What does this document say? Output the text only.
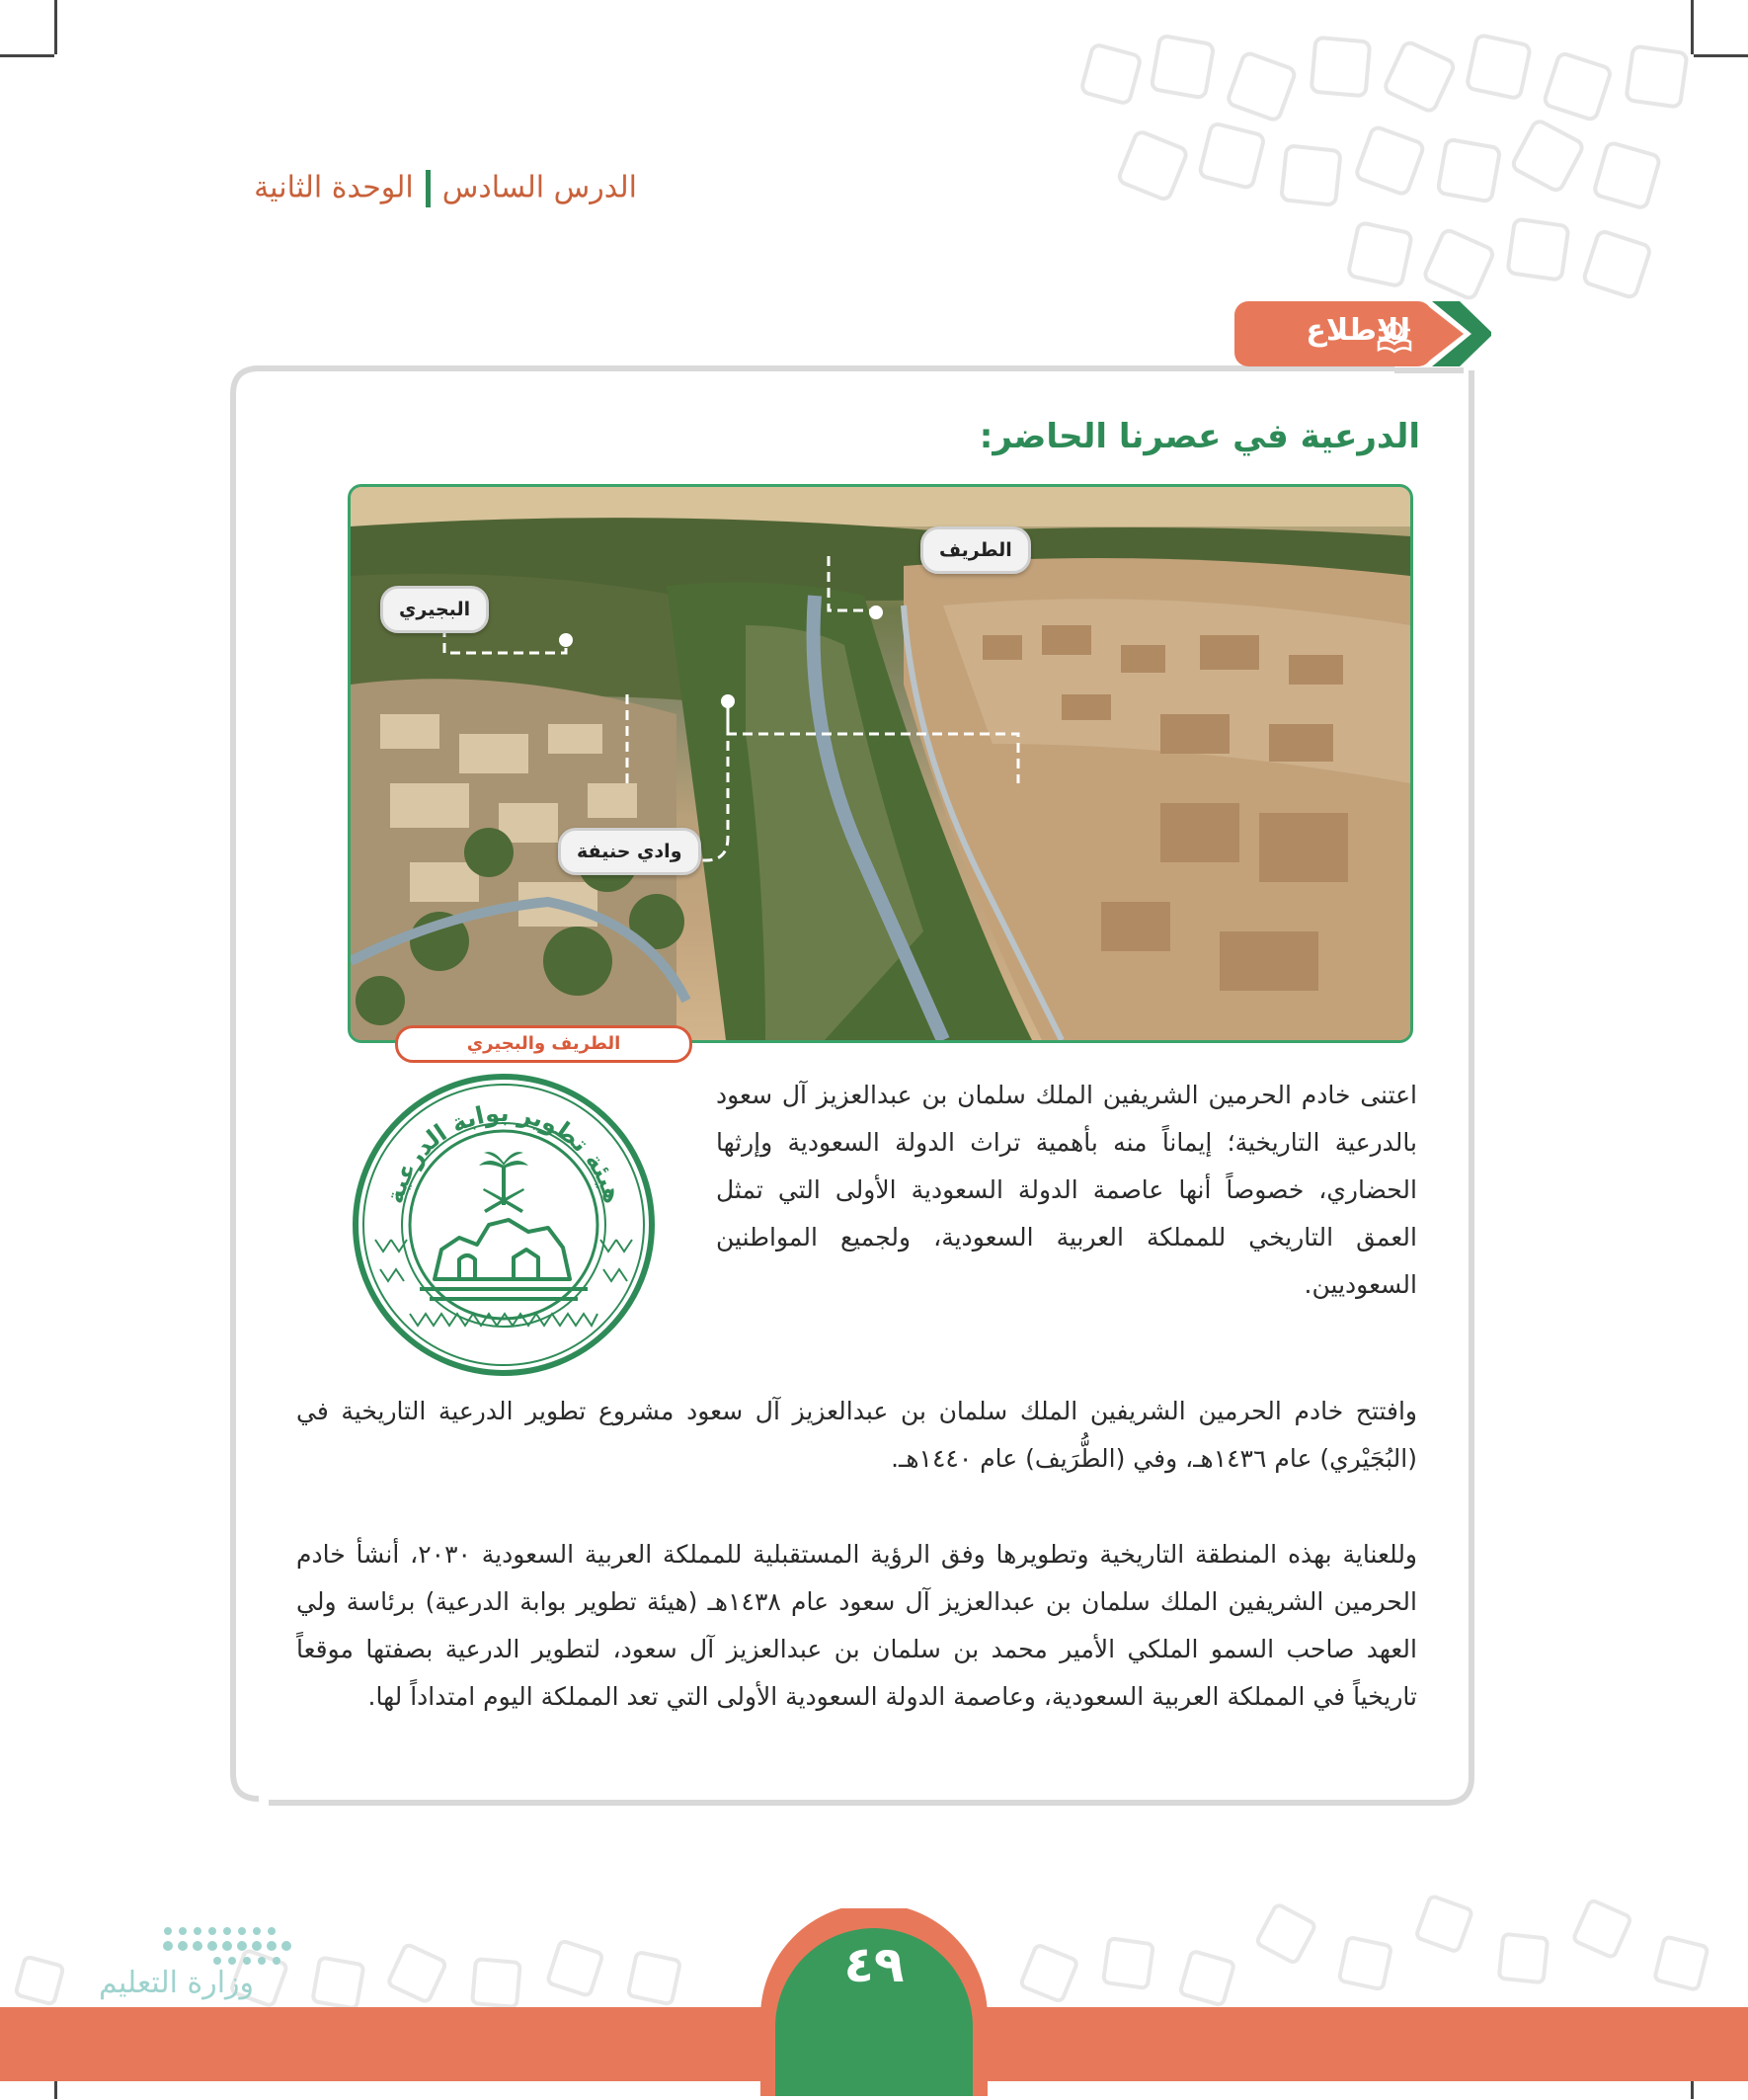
الدرس السادسالوحدة الثانية
للاطلاع
الدرعية في عصرنا الحاضر:
البجيري
الطريف
وادي حنيفة
الطريف والبجيري
هيئة تطوير بوابة الدرعية
اعتنى خادم الحرمين الشريفين الملك سلمان بن عبدالعزيز آل سعود بالدرعية التاريخية؛ إيماناً منه بأهمية تراث الدولة السعودية وإرثها الحضاري، خصوصاً أنها عاصمة الدولة السعودية الأولى التي تمثل العمق التاريخي للمملكة العربية السعودية، ولجميع المواطنين السعوديين.
وافتتح خادم الحرمين الشريفين الملك سلمان بن عبدالعزيز آل سعود مشروع تطوير الدرعية التاريخية في (البُجَيْري) عام ١٤٣٦هـ، وفي (الطُّرَيف) عام ١٤٤٠هـ.
وللعناية بهذه المنطقة التاريخية وتطويرها وفق الرؤية المستقبلية للمملكة العربية السعودية ٢٠٣٠، أنشأ خادم الحرمين الشريفين الملك سلمان بن عبدالعزيز آل سعود عام ١٤٣٨هـ (هيئة تطوير بوابة الدرعية) برئاسة ولي العهد صاحب السمو الملكي الأمير محمد بن سلمان بن عبدالعزيز آل سعود، لتطوير الدرعية بصفتها موقعاً تاريخياً في المملكة العربية السعودية، وعاصمة الدولة السعودية الأولى التي تعد المملكة اليوم امتداداً لها.
٤٩
وزارة التعليم
